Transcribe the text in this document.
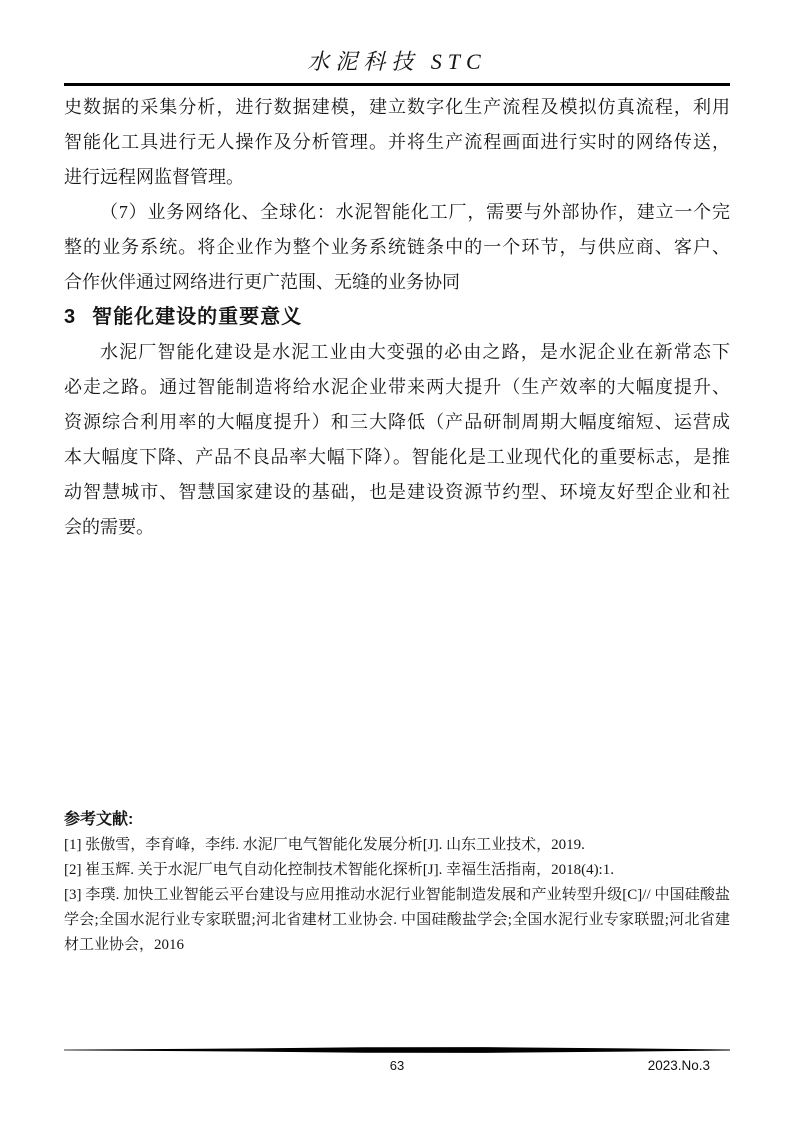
水泥科技 STC
史数据的采集分析，进行数据建模，建立数字化生产流程及模拟仿真流程，利用
智能化工具进行无人操作及分析管理。并将生产流程画面进行实时的网络传送，
进行远程网监督管理。
（7）业务网络化、全球化：水泥智能化工厂，需要与外部协作，建立一个完
整的业务系统。将企业作为整个业务系统链条中的一个环节，与供应商、客户、
合作伙伴通过网络进行更广范围、无缝的业务协同
3 智能化建设的重要意义
水泥厂智能化建设是水泥工业由大变强的必由之路，是水泥企业在新常态下
必走之路。通过智能制造将给水泥企业带来两大提升（生产效率的大幅度提升、
资源综合利用率的大幅度提升）和三大降低（产品研制周期大幅度缩短、运营成
本大幅度下降、产品不良品率大幅下降）。智能化是工业现代化的重要标志，是推
动智慧城市、智慧国家建设的基础，也是建设资源节约型、环境友好型企业和社
会的需要。
参考文献:
[1] 张傲雪，李育峰，李纬. 水泥厂电气智能化发展分析[J]. 山东工业技术，2019.
[2] 崔玉辉. 关于水泥厂电气自动化控制技术智能化探析[J]. 幸福生活指南，2018(4):1.
[3] 李璞. 加快工业智能云平台建设与应用推动水泥行业智能制造发展和产业转型升级[C]// 中国硅酸盐学会;全国水泥行业专家联盟;河北省建材工业协会. 中国硅酸盐学会;全国水泥行业专家联盟;河北省建材工业协会，2016
63	2023.No.3
